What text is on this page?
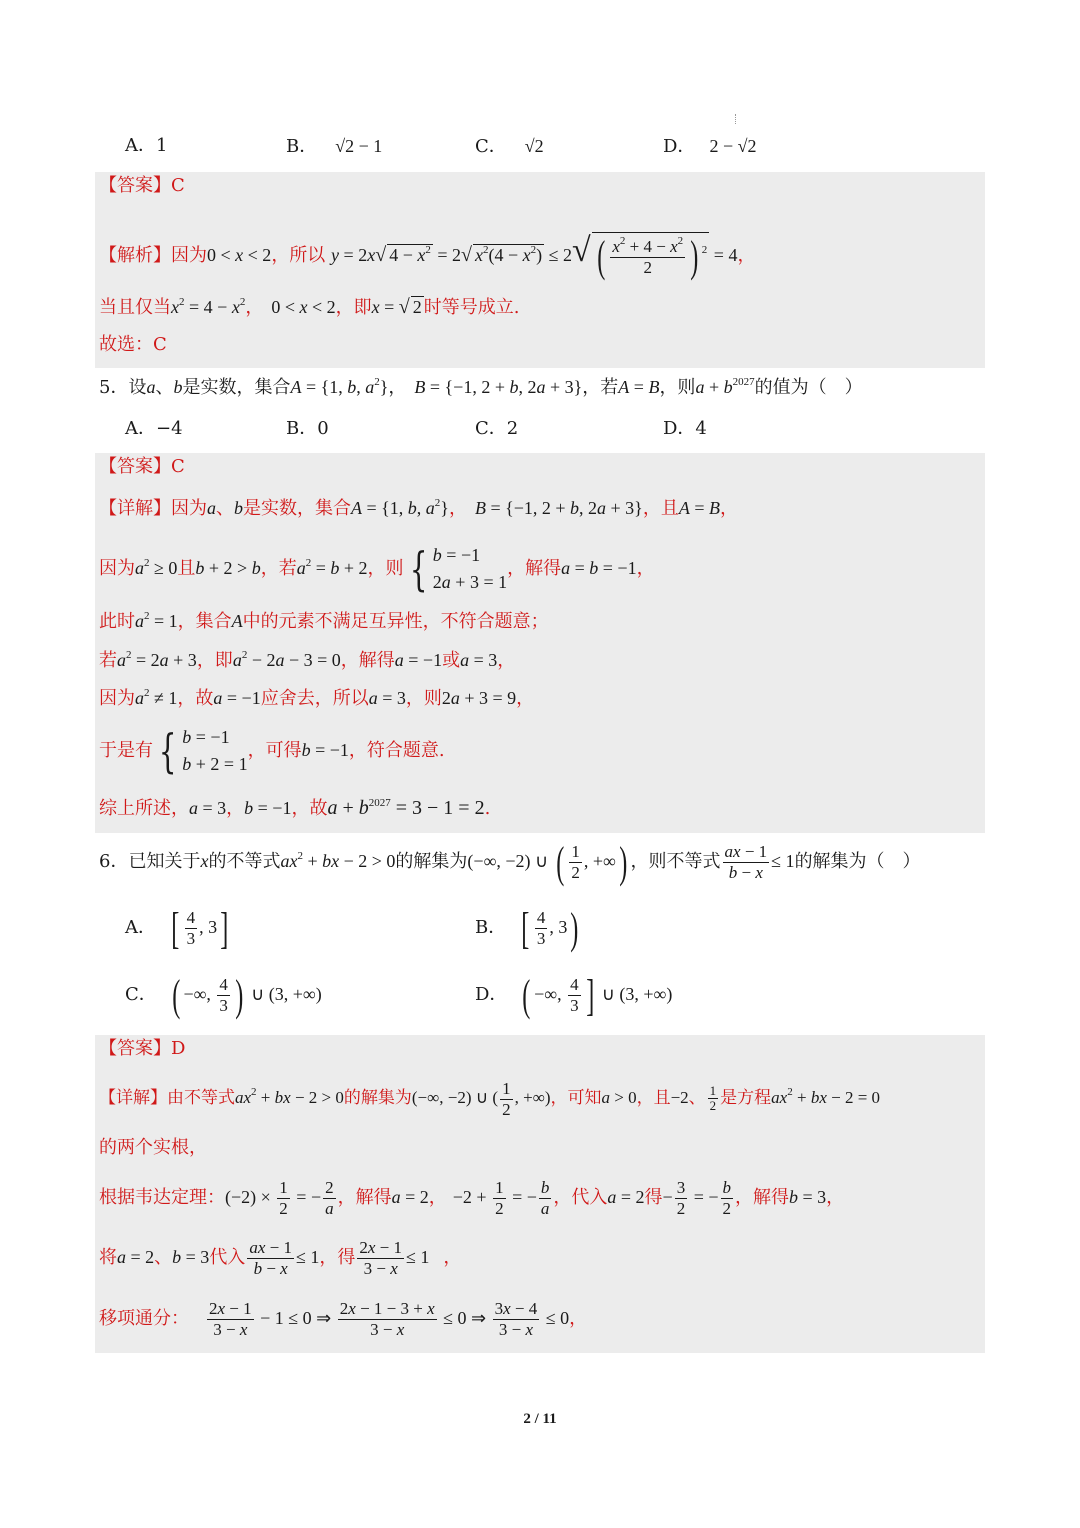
A．1	B． √2 − 1	C． √2	D． 2 − √2
【答案】C
【解析】因为0 < x < 2，所以 y = 2x√ $4 - x^2 = 2√$ $x^2(4 - x^2) \le 2√$ ( $\frac{x^2 + 4 - x^2}{2}$ ) $^2$ = 4，
当且仅当$x^2 = 4 - x^2$， 0 < x < 2，即x = √ 2 时等号成立.
故选：C
5．设a、b是实数，集合A = {1, b, $a^2$}， B = {−1, 2 + b, 2a + 3}，若A = B，则$a + b^{2027}$的值为（　）
A．−4	B．0	C．2	D．4
【答案】C
【详解】因为a、b是实数，集合A = {1, b, $a^2$}， B = {−1, 2 + b, 2a + 3}，且A = B，
因为$a^2 \ge 0$且b + 2 > b，若$a^2 = b + 2$，则 { b = −1
2a + 3 = 1
，解得a = b = −1，
此时$a^2 = 1$，集合A中的元素不满足互异性，不符合题意；
若$a^2 = 2a + 3$，即$a^2 - 2a - 3 = 0$，解得a = −1或a = 3，
因为$a^2 \ne 1$，故a = −1应舍去，所以a = 3，则2a + 3 = 9，
于是有 { b = −1
b + 2 = 1
，可得b = −1，符合题意.
综上所述，a = 3，b = −1，故$a + b^{2027} = 3 - 1 = 2$.
6．已知关于x的不等式$ax^2$ + bx − 2 > 0的解集为(−∞, −2) ∪ ( $\frac{1}{2}$ , +∞) ，则不等式 $\frac{ax - 1}{b - x} \le 1$的解集为（　）
A． [ $\frac{4}{3}$ , 3]	B． [ $\frac{4}{3}$ , 3)
C． ( −∞, $\frac{4}{3}$ ) ∪ (3, +∞)	D． ( −∞, $\frac{4}{3}$ ] ∪ (3, +∞)
【答案】D
【详解】由不等式$ax^2$ + bx − 2 > 0的解集为(−∞, −2) ∪ ( $\frac{1}{2}$ , +∞)，可知a > 0，且−2、 $\frac{1}{2}$ 是方程$ax^2$ + bx − 2 = 0
的两个实根，
根据韦达定理：$(-2) \times \frac{1}{2}$ = − $\frac{2}{a}$ ，解得a = 2， $-2 + \frac{1}{2}$ = − $\frac{b}{a}$ ，代入a = 2得− $\frac{3}{2}$ = − $\frac{b}{2}$ ，解得b = 3，
将a = 2、b = 3代入 $\frac{ax - 1}{b - x} \le 1$，得 $\frac{2x - 1}{3 - x} \le 1$ ，
移项通分： $\frac{2x - 1}{3 - x} - 1 \le 0$ ⇒ $\frac{2x - 1 - 3 + x}{3 - x} \le 0$ ⇒ $\frac{3x - 4}{3 - x} \le 0$，
2 / 11
